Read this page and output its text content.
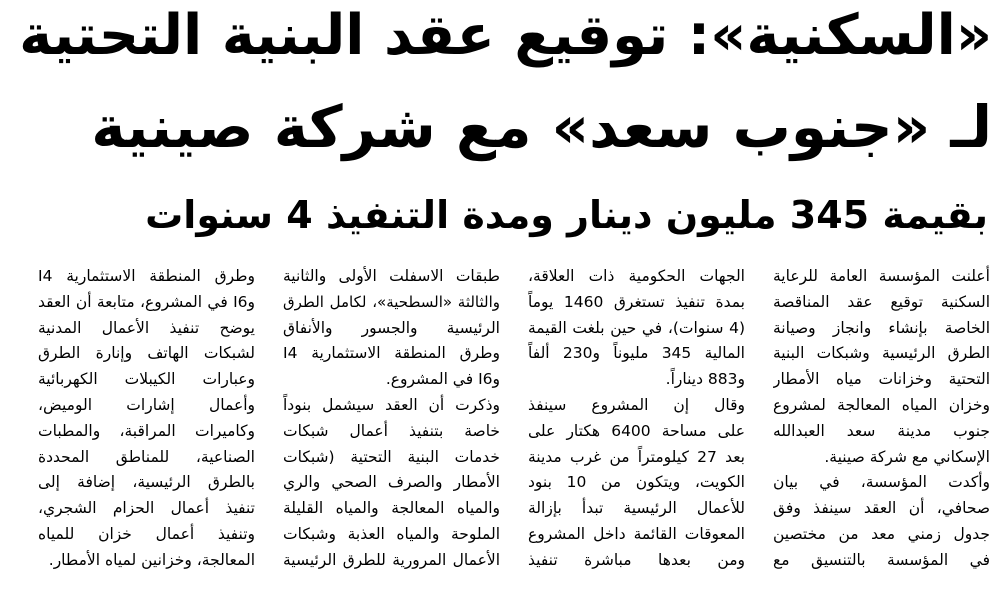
«السكنية»: توقيع عقد البنية التحتية
لـ «جنوب سعد» مع شركة صينية
بقيمة 345 مليون دينار ومدة التنفيذ 4 سنوات
أعلنت المؤسسة العامة للرعاية
السكنية توقيع عقد المناقصة
الخاصة بإنشاء وانجاز وصيانة
الطرق الرئيسية وشبكات البنية
التحتية وخزانات مياه الأمطار
وخزان المياه المعالجة لمشروع
جنوب مدينة سعد العبدالله
الإسكاني مع شركة صينية.
وأكدت المؤسسة، في بيان
صحافي، أن العقد سينفذ وفق
جدول زمني معد من مختصين
في المؤسسة بالتنسيق مع
الجهات الحكومية ذات العلاقة،
بمدة تنفيذ تستغرق 1460 يوماً
(4 سنوات)، في حين بلغت القيمة
المالية 345 مليوناً و230 ألفاً
و883 ديناراً.
وقال إن المشروع سينفذ
على مساحة 6400 هكتار على
بعد 27 كيلومتراً من غرب مدينة
الكويت، ويتكون من 10 بنود
للأعمال الرئيسية تبدأ بإزالة
المعوقات القائمة داخل المشروع
ومن بعدها مباشرة تنفيذ
طبقات الاسفلت الأولى والثانية
والثالثة «السطحية»، لكامل الطرق
الرئيسية والجسور والأنفاق
وطرق المنطقة الاستثمارية I4
وI6 في المشروع.
وذكرت أن العقد سيشمل بنوداً
خاصة بتنفيذ أعمال شبكات
خدمات البنية التحتية (شبكات
الأمطار والصرف الصحي والري
والمياه المعالجة والمياه القليلة
الملوحة والمياه العذبة وشبكات
الأعمال المرورية للطرق الرئيسية
وطرق المنطقة الاستثمارية I4
وI6 في المشروع، متابعة أن العقد
يوضح تنفيذ الأعمال المدنية
لشبكات الهاتف وإنارة الطرق
وعبارات الكيبلات الكهربائية
وأعمال إشارات الوميض،
وكاميرات المراقبة، والمطبات
الصناعية، للمناطق المحددة
بالطرق الرئيسية، إضافة إلى
تنفيذ أعمال الحزام الشجري،
وتنفيذ أعمال خزان للمياه
المعالجة، وخزانين لمياه الأمطار.
